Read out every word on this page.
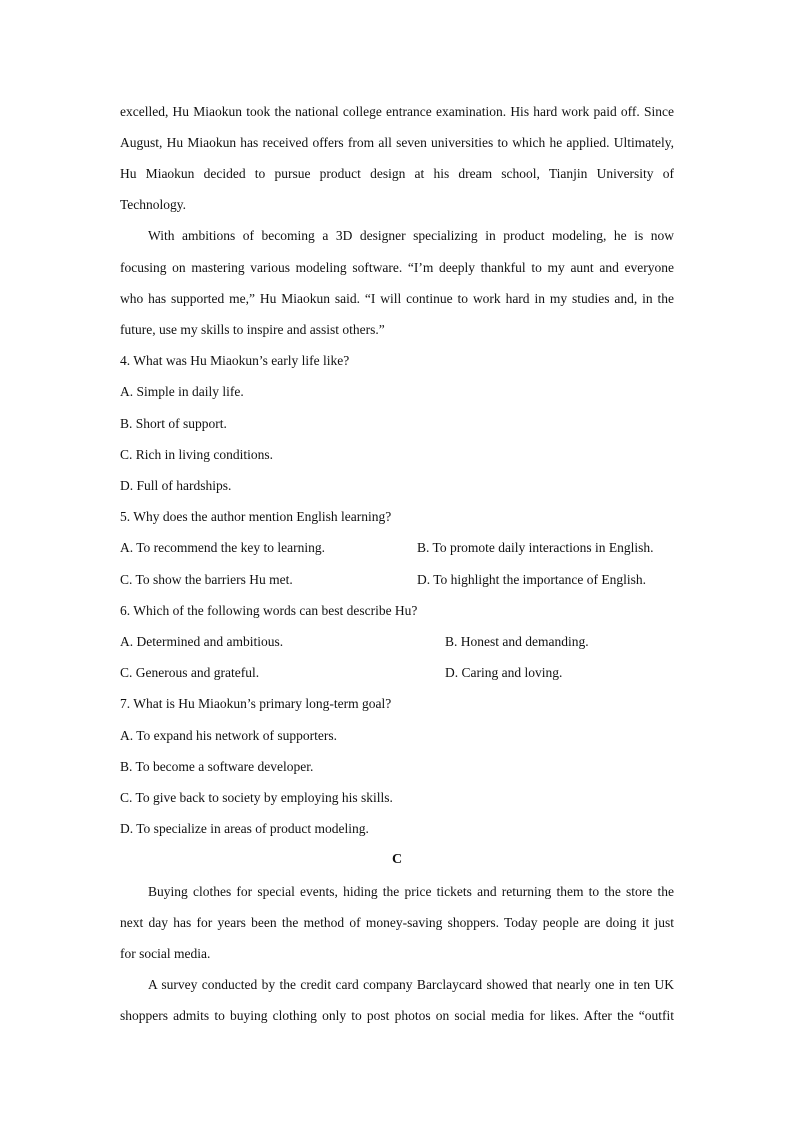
excelled, Hu Miaokun took the national college entrance examination. His hard work paid off. Since
August, Hu Miaokun has received offers from all seven universities to which he applied. Ultimately,
Hu Miaokun decided to pursue product design at his dream school, Tianjin University of
Technology.
With ambitions of becoming a 3D designer specializing in product modeling, he is now
focusing on mastering various modeling software. “I’m deeply thankful to my aunt and everyone
who has supported me,” Hu Miaokun said. “I will continue to work hard in my studies and, in the
future, use my skills to inspire and assist others.”
4. What was Hu Miaokun’s early life like?
A. Simple in daily life.
B. Short of support.
C. Rich in living conditions.
D. Full of hardships.
5. Why does the author mention English learning?
A. To recommend the key to learning.	B. To promote daily interactions in English.
C. To show the barriers Hu met.	D. To highlight the importance of English.
6. Which of the following words can best describe Hu?
A. Determined and ambitious.	B. Honest and demanding.
C. Generous and grateful.	D. Caring and loving.
7. What is Hu Miaokun’s primary long-term goal?
A. To expand his network of supporters.
B. To become a software developer.
C. To give back to society by employing his skills.
D. To specialize in areas of product modeling.
C
Buying clothes for special events, hiding the price tickets and returning them to the store the
next day has for years been the method of money-saving shoppers. Today people are doing it just
for social media.
A survey conducted by the credit card company Barclaycard showed that nearly one in ten UK
shoppers admits to buying clothing only to post photos on social media for likes. After the “outfit
